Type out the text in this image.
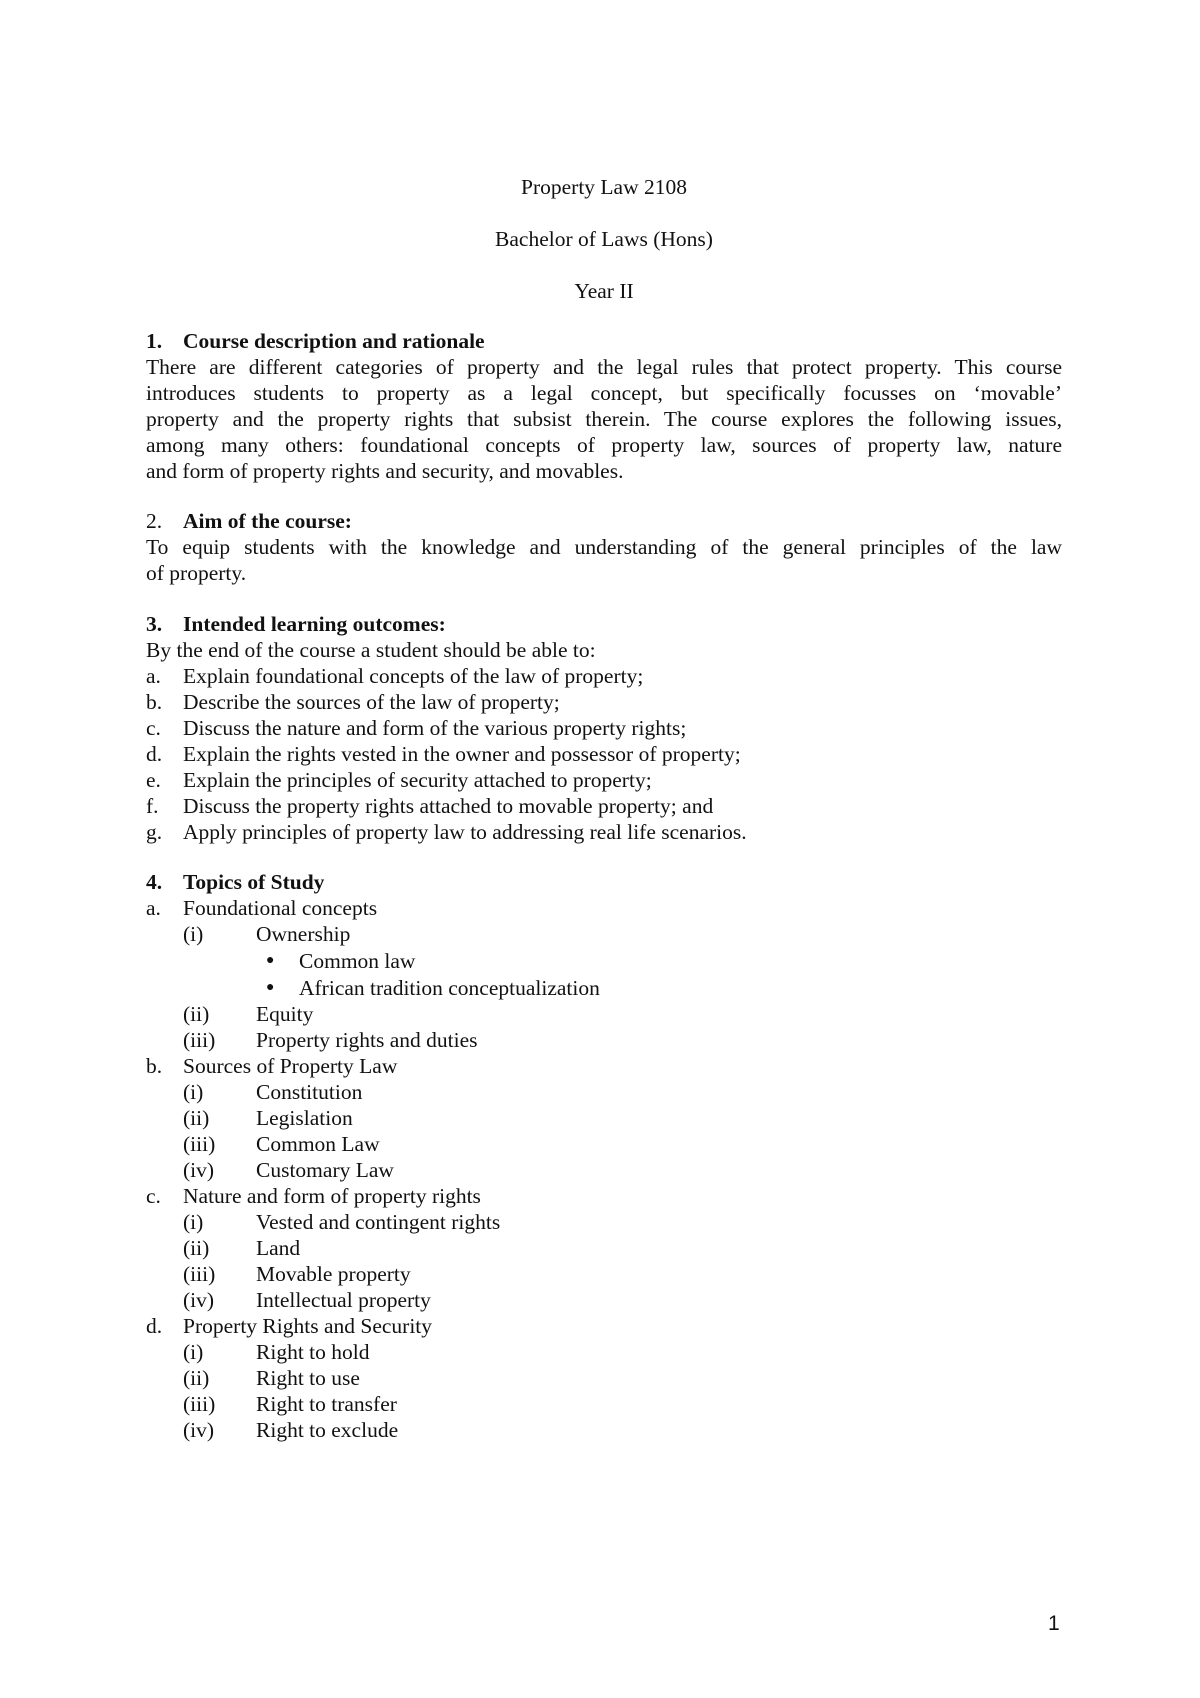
Property Law 2108
Bachelor of Laws (Hons)
Year II
1. Course description and rationale
There are different categories of property and the legal rules that protect property. This course
introduces students to property as a legal concept, but specifically focusses on ‘movable’
property and the property rights that subsist therein. The course explores the following issues,
among many others: foundational concepts of property law, sources of property law, nature
and form of property rights and security, and movables.
2. Aim of the course:
To equip students with the knowledge and understanding of the general principles of the law
of property.
3. Intended learning outcomes:
By the end of the course a student should be able to:
a. Explain foundational concepts of the law of property;
b. Describe the sources of the law of property;
c. Discuss the nature and form of the various property rights;
d. Explain the rights vested in the owner and possessor of property;
e. Explain the principles of security attached to property;
f. Discuss the property rights attached to movable property; and
g. Apply principles of property law to addressing real life scenarios.
4. Topics of Study
a. Foundational concepts
(i) Ownership
● Common law
● African tradition conceptualization
(ii) Equity
(iii) Property rights and duties
b. Sources of Property Law
(i) Constitution
(ii) Legislation
(iii) Common Law
(iv) Customary Law
c. Nature and form of property rights
(i) Vested and contingent rights
(ii) Land
(iii) Movable property
(iv) Intellectual property
d. Property Rights and Security
(i) Right to hold
(ii) Right to use
(iii) Right to transfer
(iv) Right to exclude
1
